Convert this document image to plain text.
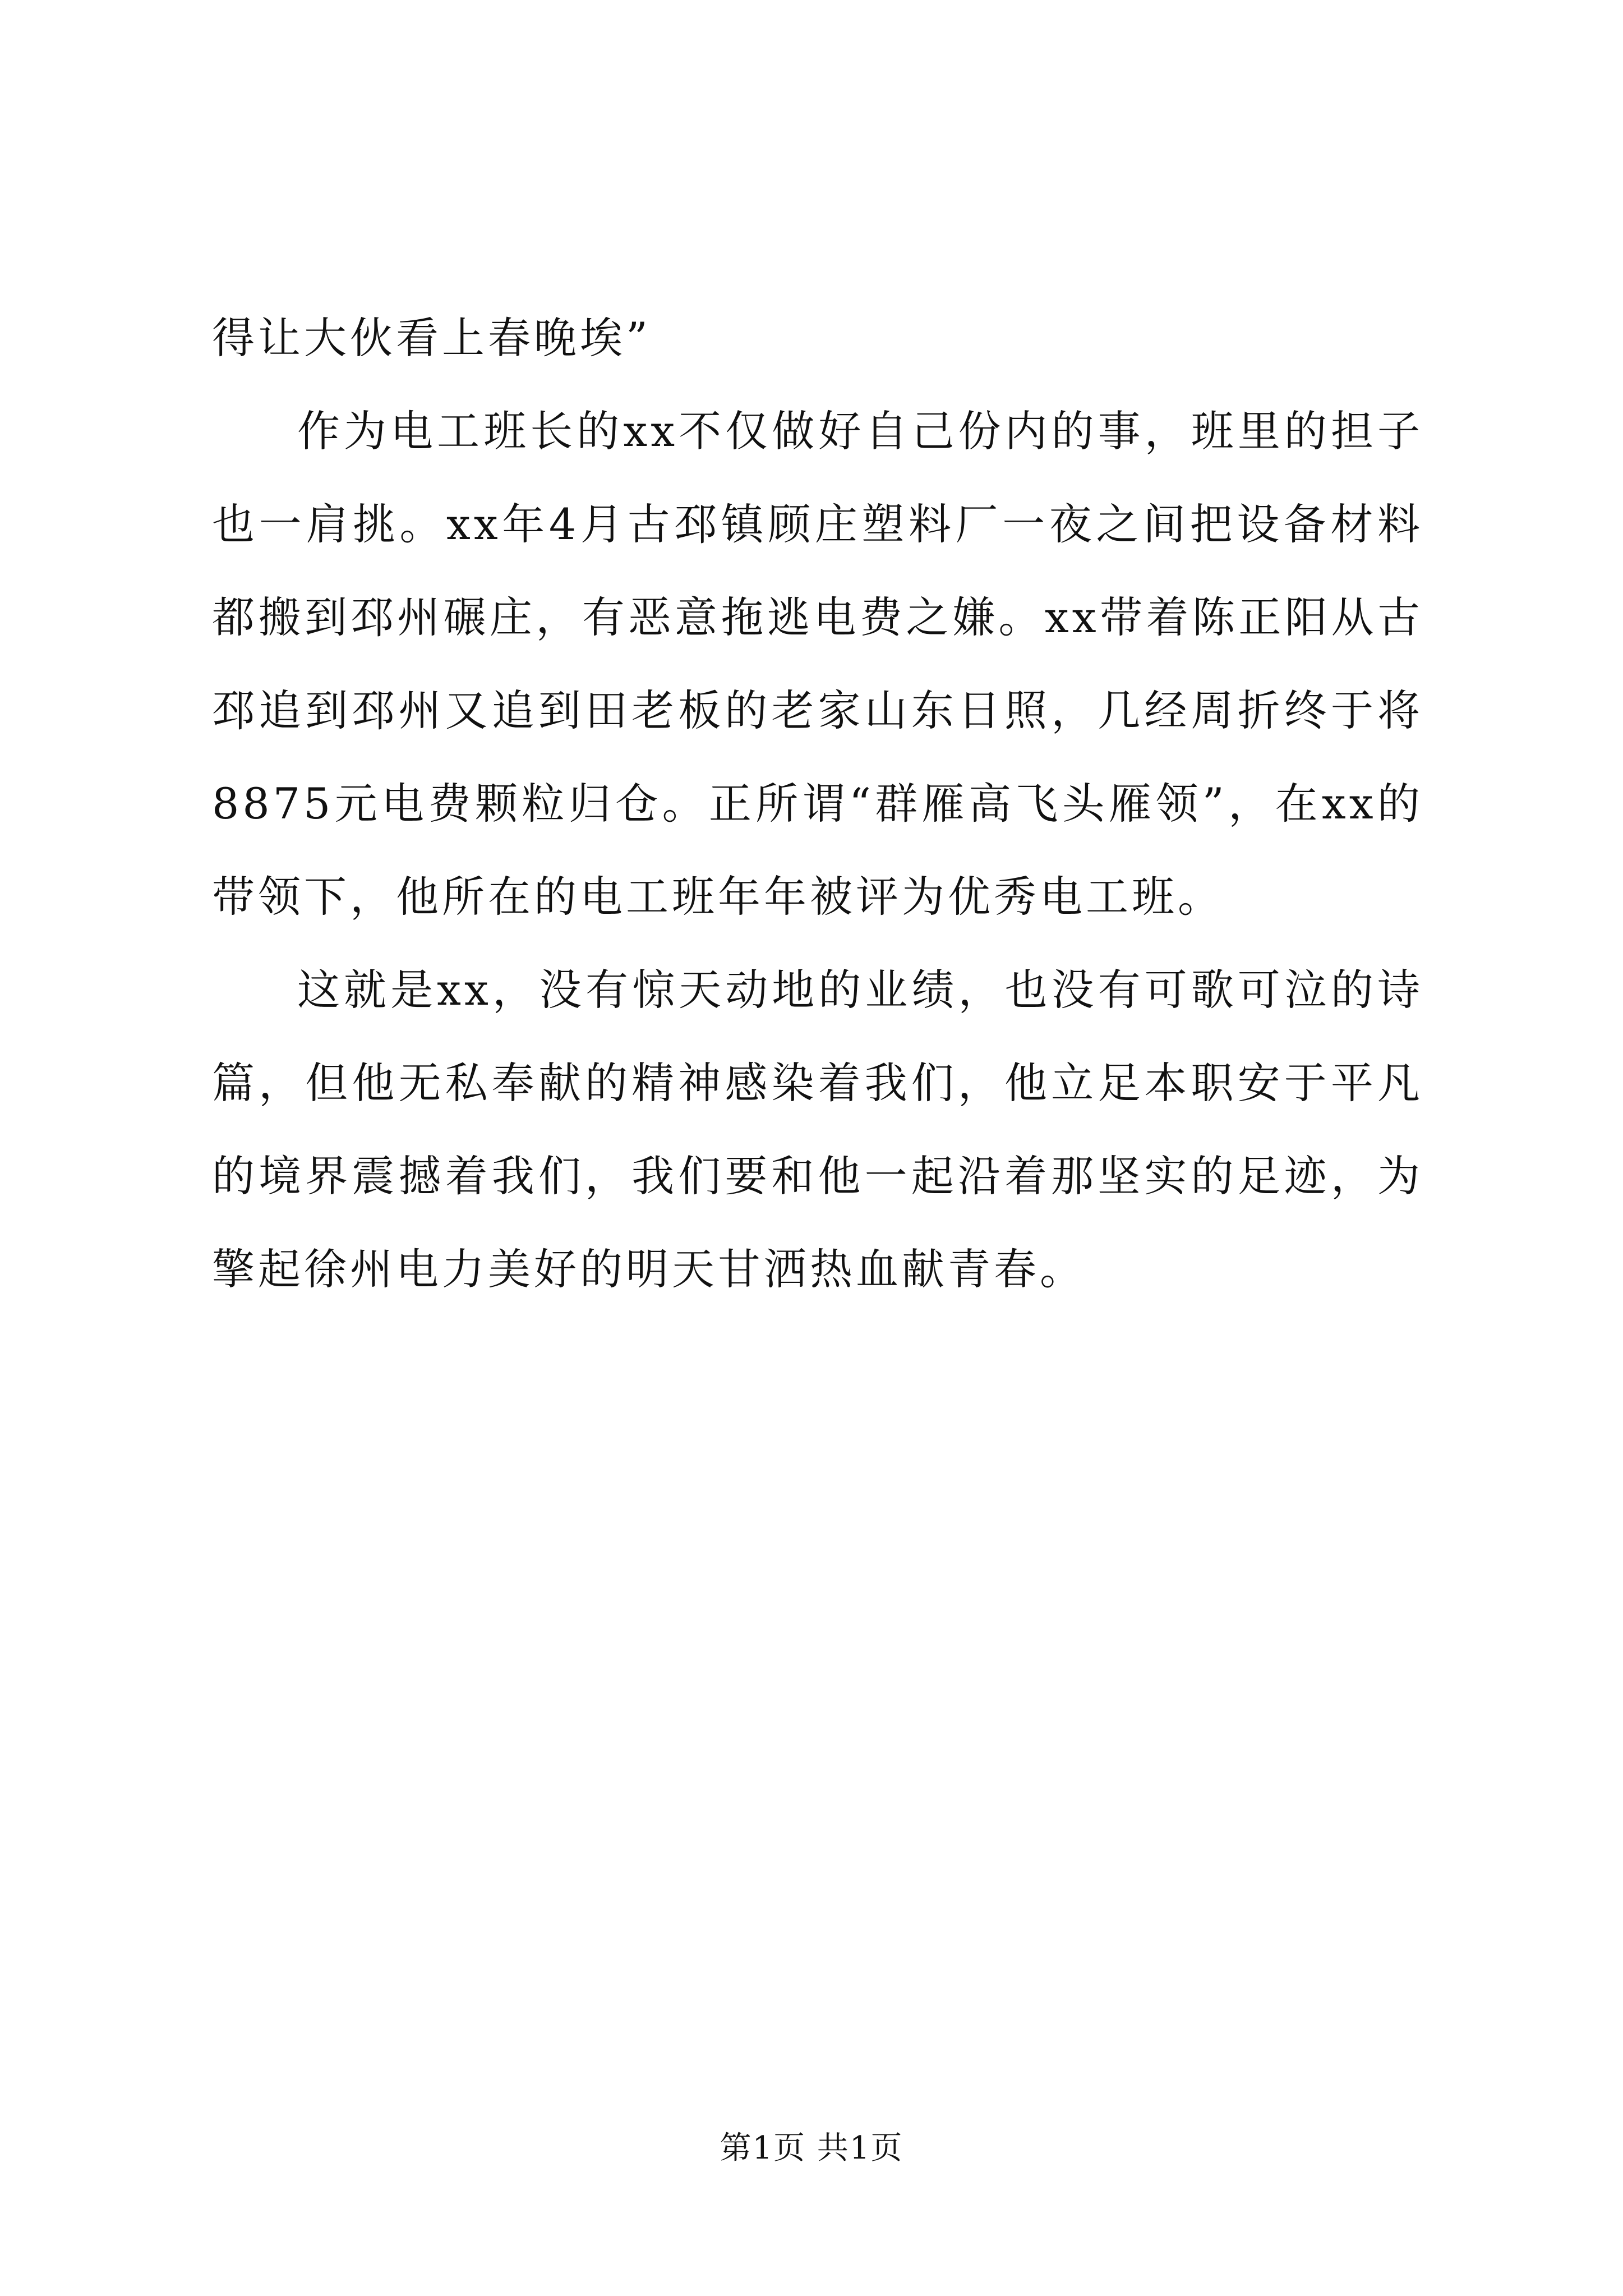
得让大伙看上春晚埃”

作为电工班长的xx不仅做好自己份内的事，班里的担子也一肩挑。xx年4月古邳镇顾庄塑料厂一夜之间把设备材料都搬到邳州碾庄，有恶意拖逃电费之嫌。xx带着陈正阳从古邳追到邳州又追到田老板的老家山东日照，几经周折终于将8875元电费颗粒归仓。正所谓“群雁高飞头雁领”，在xx的带领下，他所在的电工班年年被评为优秀电工班。

这就是xx，没有惊天动地的业绩，也没有可歌可泣的诗篇，但他无私奉献的精神感染着我们，他立足本职安于平凡的境界震撼着我们，我们要和他一起沿着那坚实的足迹，为擎起徐州电力美好的明天甘洒热血献青春。

第1页 共1页
